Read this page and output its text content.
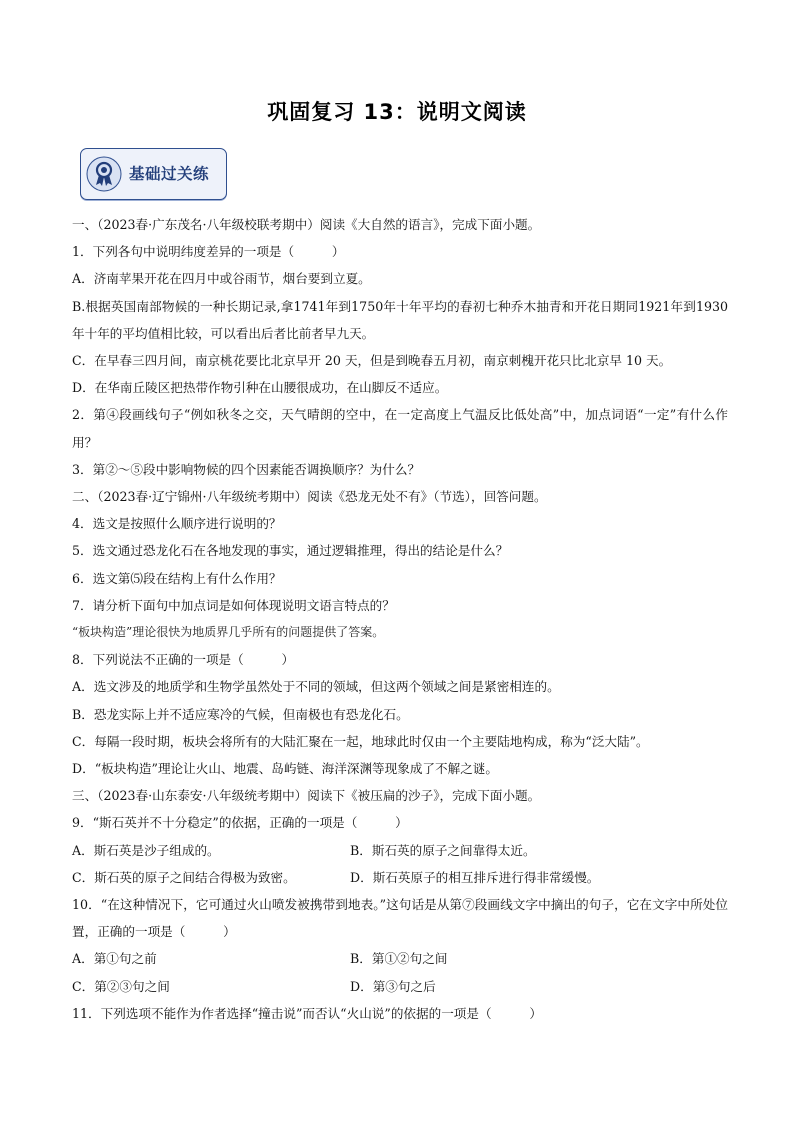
巩固复习 13：说明文阅读
基础过关练

一、（2023春·广东茂名·八年级校联考期中）阅读《大自然的语言》，完成下面小题。

1．下列各句中说明纬度差异的一项是（　　　）

A．济南苹果开花在四月中或谷雨节，烟台要到立夏。

B.根据英国南部物候的一种长期记录,拿1741年到1750年十年平均的春初七种乔木抽青和开花日期同1921年到1930年十年的平均值相比较，可以看出后者比前者早九天。

C．在早春三四月间，南京桃花要比北京早开 20 天，但是到晚春五月初，南京刺槐开花只比北京早 10 天。

D．在华南丘陵区把热带作物引种在山腰很成功，在山脚反不适应。

2．第④段画线句子“例如秋冬之交，天气晴朗的空中，在一定高度上气温反比低处高”中，加点词语“一定”有什么作用？

3．第②～⑤段中影响物候的四个因素能否调换顺序？为什么？

二、（2023春·辽宁锦州·八年级统考期中）阅读《恐龙无处不有》（节选），回答问题。

4．选文是按照什么顺序进行说明的？

5．选文通过恐龙化石在各地发现的事实，通过逻辑推理，得出的结论是什么？

6．选文第⑸段在结构上有什么作用？

7．请分析下面句中加点词是如何体现说明文语言特点的？

“板块构造”理论很快为地质界几乎所有的问题提供了答案。

8．下列说法不正确的一项是（　　　）

A．选文涉及的地质学和生物学虽然处于不同的领域，但这两个领域之间是紧密相连的。

B．恐龙实际上并不适应寒冷的气候，但南极也有恐龙化石。

C．每隔一段时期，板块会将所有的大陆汇聚在一起，地球此时仅由一个主要陆地构成，称为“泛大陆”。

D．“板块构造”理论让火山、地震、岛屿链、海洋深渊等现象成了不解之谜。

三、（2023春·山东泰安·八年级统考期中）阅读下《被压扁的沙子》，完成下面小题。

9．“斯石英并不十分稳定”的依据，正确的一项是（　　　）

A．斯石英是沙子组成的。	B．斯石英的原子之间靠得太近。
C．斯石英的原子之间结合得极为致密。	D．斯石英原子的相互排斥进行得非常缓慢。

10．“在这种情况下，它可通过火山喷发被携带到地表。”这句话是从第⑦段画线文字中摘出的句子，它在文字中所处位置，正确的一项是（　　　）

A．第①句之前	B．第①②句之间
C．第②③句之间	D．第③句之后

11．下列选项不能作为作者选择“撞击说”而否认“火山说”的依据的一项是（　　　）
